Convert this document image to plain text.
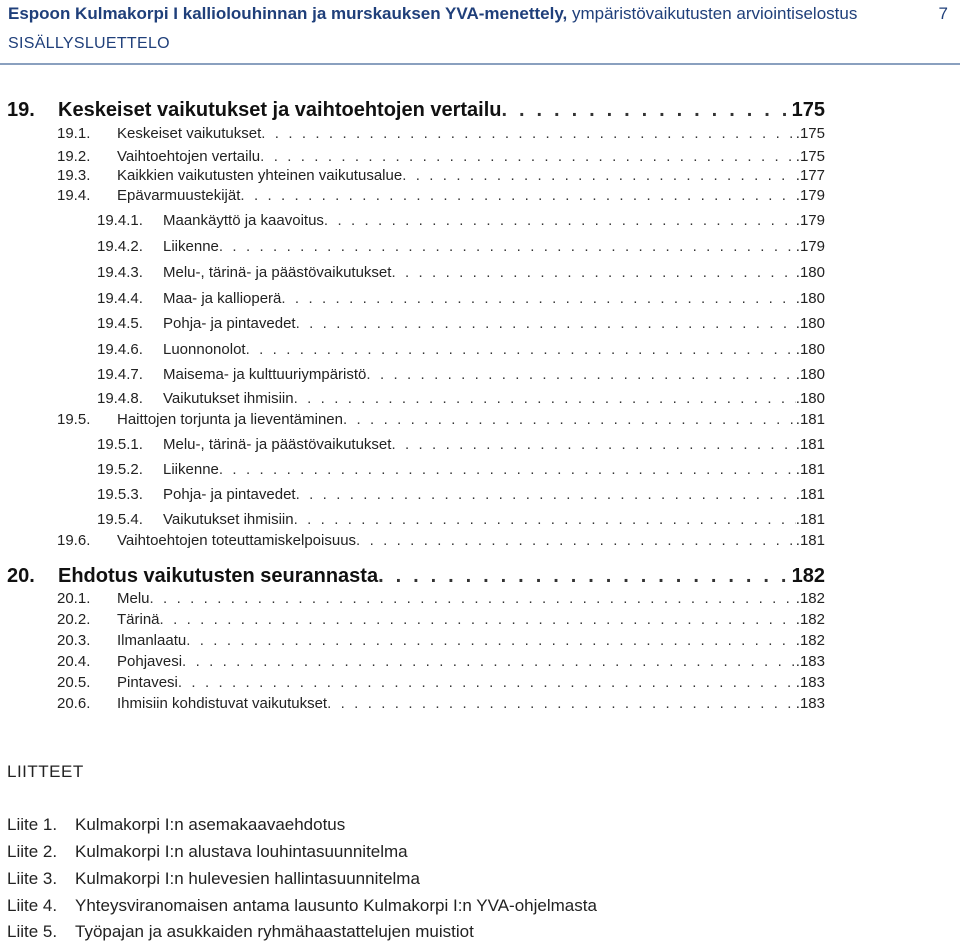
Espoon Kulmakorpi I kalliolouhinnan ja murskauksen YVA-menettely, ympäristövaikutusten arviointiselostus	7
SISÄLLYSLUETTELO
19.	Keskeiset vaikutukset ja vaihtoehtojen vertailu . . .	175
19.1.	Keskeiset vaikutukset . . .	.175
19.2.	Vaihtoehtojen vertailu . . .	.175
19.3.	Kaikkien vaikutusten yhteinen vaikutusalue . . .	.177
19.4.	Epävarmuustekijät . . .	.179
19.4.1.	Maankäyttö ja kaavoitus . . .	.179
19.4.2.	Liikenne . . .	.179
19.4.3.	Melu-, tärinä- ja päästövaikutukset . . .	.180
19.4.4.	Maa- ja kallioperä . . .	.180
19.4.5.	Pohja- ja pintavedet . . .	.180
19.4.6.	Luonnonolot . . .	.180
19.4.7.	Maisema- ja kulttuuriympäristö . . .	.180
19.4.8.	Vaikutukset ihmisiin . . .	.180
19.5.	Haittojen torjunta ja lieventäminen . . .	.181
19.5.1.	Melu-, tärinä- ja päästövaikutukset . . .	.181
19.5.2.	Liikenne . . .	.181
19.5.3.	Pohja- ja pintavedet . . .	.181
19.5.4.	Vaikutukset ihmisiin . . .	.181
19.6.	Vaihtoehtojen toteuttamiskelpoisuus . . .	.181
20.	Ehdotus vaikutusten seurannasta . . .	182
20.1.	Melu . . .	.182
20.2.	Tärinä . . .	.182
20.3.	Ilmanlaatu . . .	.182
20.4.	Pohjavesi . . .	.183
20.5.	Pintavesi . . .	.183
20.6.	Ihmisiin kohdistuvat vaikutukset . . .	.183
LIITTEET
Liite 1. Kulmakorpi I:n asemakaavaehdotus
Liite 2. Kulmakorpi I:n alustava louhintasuunnitelma
Liite 3. Kulmakorpi I:n hulevesien hallintasuunnitelma
Liite 4. Yhteysviranomaisen antama lausunto Kulmakorpi I:n YVA-ohjelmasta
Liite 5. Työpajan ja asukkaiden ryhmähaastattelujen muistiot
